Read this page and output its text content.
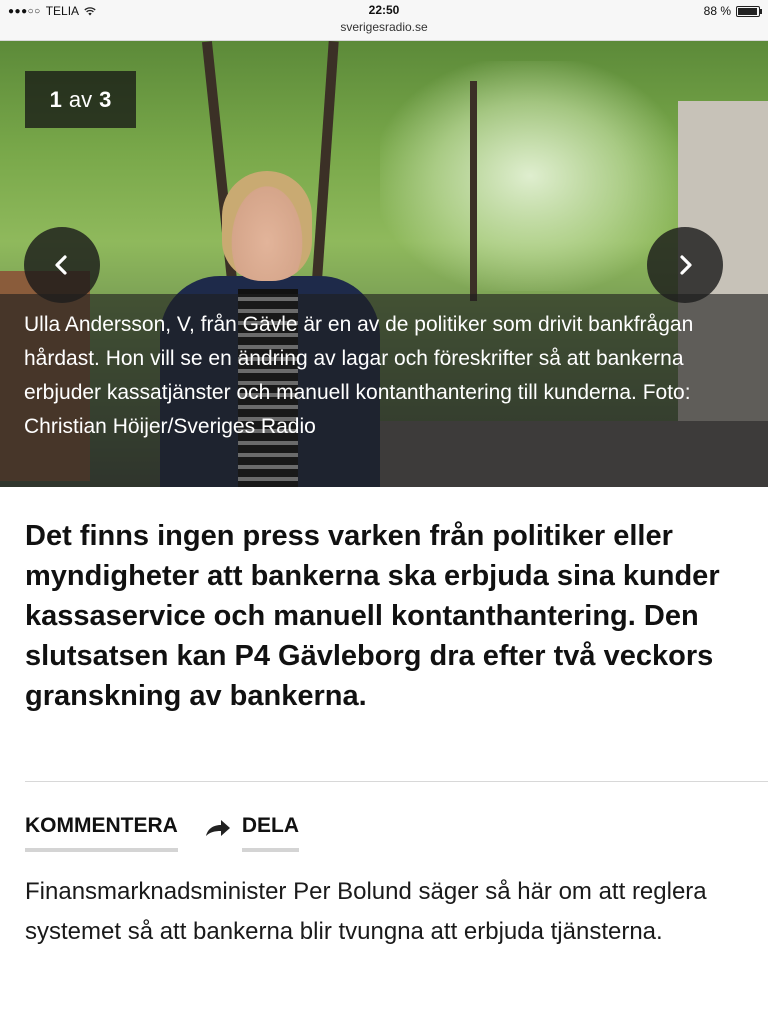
●●●○○ TELIA	22:50
sverigesradio.se
88 %
1 av 3
Ulla Andersson, V, från Gävle är en av de politiker som drivit bankfrågan hårdast. Hon vill se en ändring av lagar och föreskrifter så att bankerna erbjuder kassatjänster och manuell kontanthantering till kunderna. Foto: Christian Höijer/Sveriges Radio
Det finns ingen press varken från politiker eller myndigheter att bankerna ska erbjuda sina kunder kassaservice och manuell kontanthantering. Den slutsatsen kan P4 Gävleborg dra efter två veckors granskning av bankerna.
KOMMENTERA	DELA
Finansmarknadsminister Per Bolund säger så här om att reglera systemet så att bankerna blir tvungna att erbjuda tjänsterna.
